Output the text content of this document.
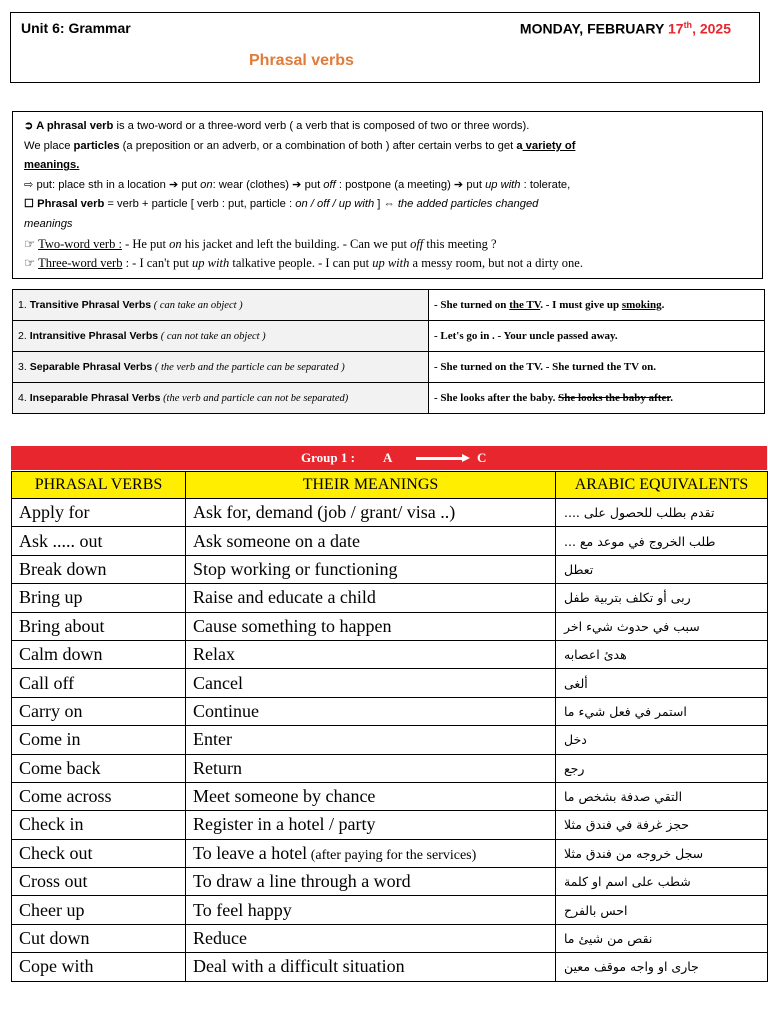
Unit 6: Grammar	MONDAY, FEBRUARY 17th, 2025
Phrasal verbs
➲ A phrasal verb is a two-word or a three-word verb ( a verb that is composed of two or three words).
We place particles (a preposition or an adverb, or a combination of both ) after certain verbs to get a variety of
meanings.
⇨ put: place sth in a location ➔ put on: wear (clothes) ➔ put off : postpone (a meeting) ➔ put up with : tolerate,
☐ Phrasal verb = verb + particle [ verb : put, particle : on / off / up with ] ⇔ the added particles changed
meanings
☞ Two-word verb : - He put on his jacket and left the building. - Can we put off this meeting ?
☞ Three-word verb : - I can't put up with talkative people. - I can put up with a messy room, but not a dirty one.
1. Transitive Phrasal Verbs ( can take an object )	- She turned on the TV. - I must give up smoking.
2. Intransitive Phrasal Verbs ( can not take an object )	- Let's go in . - Your uncle passed away.
3. Separable Phrasal Verbs ( the verb and the particle can be separated )	- She turned on the TV. - She turned the TV on.
4. Inseparable Phrasal Verbs (the verb and particle can not be separated)	- She looks after the baby. She looks the baby after.
Group 1 : A	C
PHRASAL VERBS	THEIR MEANINGS	ARABIC EQUIVALENTS
Apply for	Ask for, demand (job / grant/ visa ..)	تقدم بطلب للحصول على ....
Ask ..... out	Ask someone on a date	طلب الخروج في موعد مع ...
Break down	Stop working or functioning	تعطل
Bring up	Raise and educate a child	ربى أو تكلف بتربية طفل
Bring about	Cause something to happen	سبب في حدوث شيء اخر
Calm down	Relax	هدئ اعصابه
Call off	Cancel	ألغى
Carry on	Continue	استمر في فعل شيء ما
Come in	Enter	دخل
Come back	Return	رجع
Come across	Meet someone by chance	التقي صدفة بشخص ما
Check in	Register in a hotel / party	حجز غرفة في فندق مثلا
Check out	To leave a hotel (after paying for the services)	سجل خروجه من فندق مثلا
Cross out	To draw a line through a word	شطب على اسم او كلمة
Cheer up	To feel happy	احس بالفرح
Cut down	Reduce	نقص من شيئ ما
Cope with	Deal with a difficult situation	جارى او واجه موقف معين
